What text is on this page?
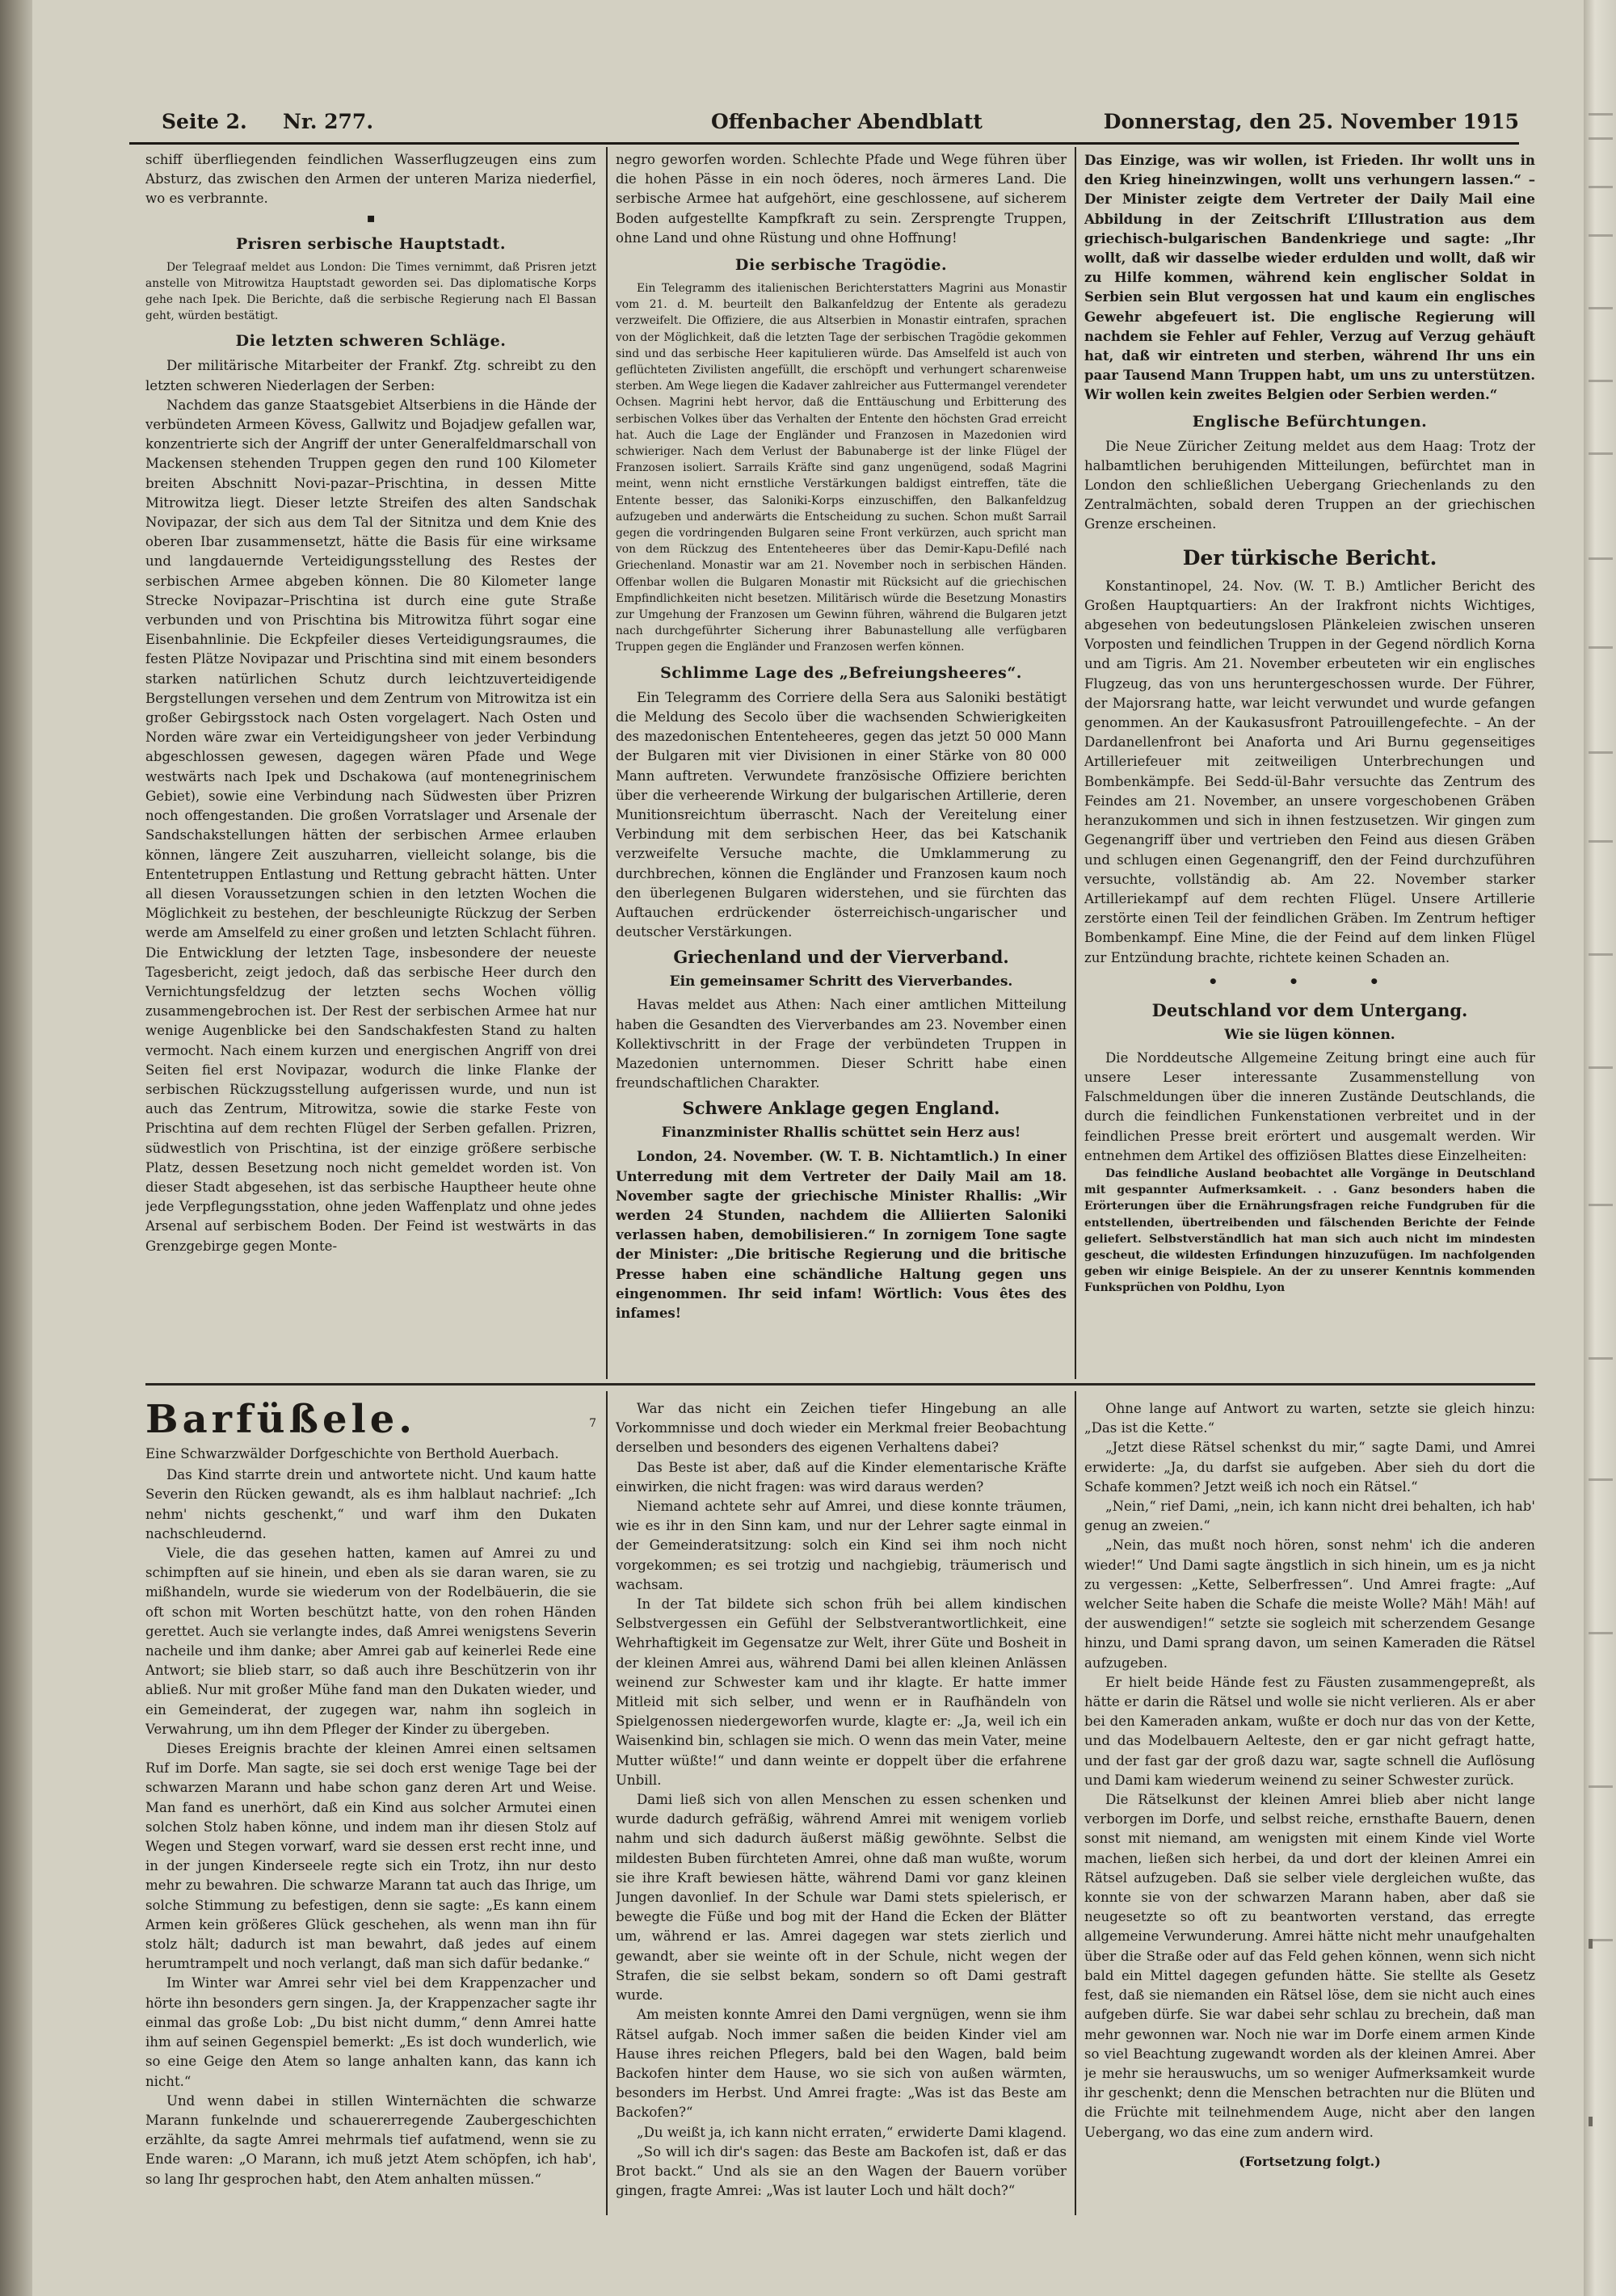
Seite 2. Nr. 277.	Offenbacher Abendblatt	Donnerstag, den 25. November 1915

schiff überfliegenden feindlichen Wasserflugzeugen eins zum Absturz, das zwischen den Armen der unteren Mariza niederfiel, wo es verbrannte.

▪
Prisren serbische Hauptstadt.

Der Telegraaf meldet aus London: Die Times vernimmt, daß Prisren jetzt anstelle von Mitrowitza Hauptstadt geworden sei. Das diplomatische Korps gehe nach Ipek. Die Berichte, daß die serbische Regierung nach El Bassan geht, würden bestätigt.

Die letzten schweren Schläge.

Der militärische Mitarbeiter der Frankf. Ztg. schreibt zu den letzten schweren Niederlagen der Serben:

Nachdem das ganze Staatsgebiet Altserbiens in die Hände der verbündeten Armeen Kövess, Gallwitz und Bojadjew gefallen war, konzentrierte sich der Angriff der unter Generalfeldmarschall von Mackensen stehenden Truppen gegen den rund 100 Kilometer breiten Abschnitt Novi-pazar–Prischtina, in dessen Mitte Mitrowitza liegt. Dieser letzte Streifen des alten Sandschak Novipazar, der sich aus dem Tal der Sitnitza und dem Knie des oberen Ibar zusammensetzt, hätte die Basis für eine wirksame und langdauernde Verteidigungsstellung des Restes der serbischen Armee abgeben können. Die 80 Kilometer lange Strecke Novipazar–Prischtina ist durch eine gute Straße verbunden und von Prischtina bis Mitrowitza führt sogar eine Eisenbahnlinie. Die Eckpfeiler dieses Verteidigungsraumes, die festen Plätze Novipazar und Prischtina sind mit einem besonders starken natürlichen Schutz durch leichtzuverteidigende Bergstellungen versehen und dem Zentrum von Mitrowitza ist ein großer Gebirgsstock nach Osten vorgelagert. Nach Osten und Norden wäre zwar ein Verteidigungsheer von jeder Verbindung abgeschlossen gewesen, dagegen wären Pfade und Wege westwärts nach Ipek und Dschakowa (auf montenegrinischem Gebiet), sowie eine Verbindung nach Südwesten über Prizren noch offengestanden. Die großen Vorratslager und Arsenale der Sandschakstellungen hätten der serbischen Armee erlauben können, längere Zeit auszuharren, vielleicht solange, bis die Ententetruppen Entlastung und Rettung gebracht hätten. Unter all diesen Voraussetzungen schien in den letzten Wochen die Möglichkeit zu bestehen, der beschleunigte Rückzug der Serben werde am Amselfeld zu einer großen und letzten Schlacht führen. Die Entwicklung der letzten Tage, insbesondere der neueste Tagesbericht, zeigt jedoch, daß das serbische Heer durch den Vernichtungsfeldzug der letzten sechs Wochen völlig zusammengebrochen ist. Der Rest der serbischen Armee hat nur wenige Augenblicke bei den Sandschakfesten Stand zu halten vermocht. Nach einem kurzen und energischen Angriff von drei Seiten fiel erst Novipazar, wodurch die linke Flanke der serbischen Rückzugsstellung aufgerissen wurde, und nun ist auch das Zentrum, Mitrowitza, sowie die starke Feste von Prischtina auf dem rechten Flügel der Serben gefallen. Prizren, südwestlich von Prischtina, ist der einzige größere serbische Platz, dessen Besetzung noch nicht gemeldet worden ist. Von dieser Stadt abgesehen, ist das serbische Hauptheer heute ohne jede Verpflegungsstation, ohne jeden Waffenplatz und ohne jedes Arsenal auf serbischem Boden. Der Feind ist westwärts in das Grenzgebirge gegen Monte-

negro geworfen worden. Schlechte Pfade und Wege führen über die hohen Pässe in ein noch öderes, noch ärmeres Land. Die serbische Armee hat aufgehört, eine geschlossene, auf sicherem Boden aufgestellte Kampfkraft zu sein. Zersprengte Truppen, ohne Land und ohne Rüstung und ohne Hoffnung!

Die serbische Tragödie.

Ein Telegramm des italienischen Berichterstatters Magrini aus Monastir vom 21. d. M. beurteilt den Balkanfeldzug der Entente als geradezu verzweifelt. Die Offiziere, die aus Altserbien in Monastir eintrafen, sprachen von der Möglichkeit, daß die letzten Tage der serbischen Tragödie gekommen sind und das serbische Heer kapitulieren würde. Das Amselfeld ist auch von geflüchteten Zivilisten angefüllt, die erschöpft und verhungert scharenweise sterben. Am Wege liegen die Kadaver zahlreicher aus Futtermangel verendeter Ochsen. Magrini hebt hervor, daß die Enttäuschung und Erbitterung des serbischen Volkes über das Verhalten der Entente den höchsten Grad erreicht hat. Auch die Lage der Engländer und Franzosen in Mazedonien wird schwieriger. Nach dem Verlust der Babunaberge ist der linke Flügel der Franzosen isoliert. Sarrails Kräfte sind ganz ungenügend, sodaß Magrini meint, wenn nicht ernstliche Verstärkungen baldigst eintreffen, täte die Entente besser, das Saloniki-Korps einzuschiffen, den Balkanfeldzug aufzugeben und anderwärts die Entscheidung zu suchen. Schon mußt Sarrail gegen die vordringenden Bulgaren seine Front verkürzen, auch spricht man von dem Rückzug des Ententeheeres über das Demir-Kapu-Defilé nach Griechenland. Monastir war am 21. November noch in serbischen Händen. Offenbar wollen die Bulgaren Monastir mit Rücksicht auf die griechischen Empfindlichkeiten nicht besetzen. Militärisch würde die Besetzung Monastirs zur Umgehung der Franzosen um Gewinn führen, während die Bulgaren jetzt nach durchgeführter Sicherung ihrer Babunastellung alle verfügbaren Truppen gegen die Engländer und Franzosen werfen können.

Schlimme Lage des „Befreiungsheeres“.

Ein Telegramm des Corriere della Sera aus Saloniki bestätigt die Meldung des Secolo über die wachsenden Schwierigkeiten des mazedonischen Ententeheeres, gegen das jetzt 50 000 Mann der Bulgaren mit vier Divisionen in einer Stärke von 80 000 Mann auftreten. Verwundete französische Offiziere berichten über die verheerende Wirkung der bulgarischen Artillerie, deren Munitionsreichtum überrascht. Nach der Vereitelung einer Verbindung mit dem serbischen Heer, das bei Katschanik verzweifelte Versuche machte, die Umklammerung zu durchbrechen, können die Engländer und Franzosen kaum noch den überlegenen Bulgaren widerstehen, und sie fürchten das Auftauchen erdrückender österreichisch-ungarischer und deutscher Verstärkungen.

Griechenland und der Vierverband.
Ein gemeinsamer Schritt des Vierverbandes.

Havas meldet aus Athen: Nach einer amtlichen Mitteilung haben die Gesandten des Vierverbandes am 23. November einen Kollektivschritt in der Frage der verbündeten Truppen in Mazedonien unternommen. Dieser Schritt habe einen freundschaftlichen Charakter.

Schwere Anklage gegen England.
Finanzminister Rhallis schüttet sein Herz aus!

London, 24. November. (W. T. B. Nichtamtlich.) In einer Unterredung mit dem Vertreter der Daily Mail am 18. November sagte der griechische Minister Rhallis: „Wir werden 24 Stunden, nachdem die Alliierten Saloniki verlassen haben, demobilisieren.“ In zornigem Tone sagte der Minister: „Die britische Regierung und die britische Presse haben eine schändliche Haltung gegen uns eingenommen. Ihr seid infam! Wörtlich: Vous êtes des infames!

Das Einzige, was wir wollen, ist Frieden. Ihr wollt uns in den Krieg hineinzwingen, wollt uns verhungern lassen.“ – Der Minister zeigte dem Vertreter der Daily Mail eine Abbildung in der Zeitschrift L’Illustration aus dem griechisch-bulgarischen Bandenkriege und sagte: „Ihr wollt, daß wir dasselbe wieder erdulden und wollt, daß wir zu Hilfe kommen, während kein englischer Soldat in Serbien sein Blut vergossen hat und kaum ein englisches Gewehr abgefeuert ist. Die englische Regierung will nachdem sie Fehler auf Fehler, Verzug auf Verzug gehäuft hat, daß wir eintreten und sterben, während Ihr uns ein paar Tausend Mann Truppen habt, um uns zu unterstützen. Wir wollen kein zweites Belgien oder Serbien werden.“

Englische Befürchtungen.

Die Neue Züricher Zeitung meldet aus dem Haag: Trotz der halbamtlichen beruhigenden Mitteilungen, befürchtet man in London den schließlichen Uebergang Griechenlands zu den Zentralmächten, sobald deren Truppen an der griechischen Grenze erscheinen.

Der türkische Bericht.

Konstantinopel, 24. Nov. (W. T. B.) Amtlicher Bericht des Großen Hauptquartiers: An der Irakfront nichts Wichtiges, abgesehen von bedeutungslosen Plänkeleien zwischen unseren Vorposten und feindlichen Truppen in der Gegend nördlich Korna und am Tigris. Am 21. November erbeuteten wir ein englisches Flugzeug, das von uns heruntergeschossen wurde. Der Führer, der Majorsrang hatte, war leicht verwundet und wurde gefangen genommen. An der Kaukasusfront Patrouillengefechte. – An der Dardanellenfront bei Anaforta und Ari Burnu gegenseitiges Artilleriefeuer mit zeitweiligen Unterbrechungen und Bombenkämpfe. Bei Sedd-ül-Bahr versuchte das Zentrum des Feindes am 21. November, an unsere vorgeschobenen Gräben heranzukommen und sich in ihnen festzusetzen. Wir gingen zum Gegenangriff über und vertrieben den Feind aus diesen Gräben und schlugen einen Gegenangriff, den der Feind durchzuführen versuchte, vollständig ab. Am 22. November starker Artilleriekampf auf dem rechten Flügel. Unsere Artillerie zerstörte einen Teil der feindlichen Gräben. Im Zentrum heftiger Bombenkampf. Eine Mine, die der Feind auf dem linken Flügel zur Entzündung brachte, richtete keinen Schaden an.

• • •
Deutschland vor dem Untergang.
Wie sie lügen können.

Die Norddeutsche Allgemeine Zeitung bringt eine auch für unsere Leser interessante Zusammenstellung von Falschmeldungen über die inneren Zustände Deutschlands, die durch die feindlichen Funkenstationen verbreitet und in der feindlichen Presse breit erörtert und ausgemalt werden. Wir entnehmen dem Artikel des offiziösen Blattes diese Einzelheiten:

Das feindliche Ausland beobachtet alle Vorgänge in Deutschland mit gespannter Aufmerksamkeit. . . Ganz besonders haben die Erörterungen über die Ernährungsfragen reiche Fundgruben für die entstellenden, übertreibenden und fälschenden Berichte der Feinde geliefert. Selbstverständlich hat man sich auch nicht im mindesten gescheut, die wildesten Erfindungen hinzuzufügen. Im nachfolgenden geben wir einige Beispiele. An der zu unserer Kenntnis kommenden Funksprüchen von Poldhu, Lyon

7
Barfüßele.

Eine Schwarzwälder Dorfgeschichte von Berthold Auerbach.

Das Kind starrte drein und antwortete nicht. Und kaum hatte Severin den Rücken gewandt, als es ihm halblaut nachrief: „Ich nehm' nichts geschenkt,“ und warf ihm den Dukaten nachschleudernd.

Viele, die das gesehen hatten, kamen auf Amrei zu und schimpften auf sie hinein, und eben als sie daran waren, sie zu mißhandeln, wurde sie wiederum von der Rodelbäuerin, die sie oft schon mit Worten beschützt hatte, von den rohen Händen gerettet. Auch sie verlangte indes, daß Amrei wenigstens Severin nacheile und ihm danke; aber Amrei gab auf keinerlei Rede eine Antwort; sie blieb starr, so daß auch ihre Beschützerin von ihr abließ. Nur mit großer Mühe fand man den Dukaten wieder, und ein Gemeinderat, der zugegen war, nahm ihn sogleich in Verwahrung, um ihn dem Pfleger der Kinder zu übergeben.

Dieses Ereignis brachte der kleinen Amrei einen seltsamen Ruf im Dorfe. Man sagte, sie sei doch erst wenige Tage bei der schwarzen Marann und habe schon ganz deren Art und Weise. Man fand es unerhört, daß ein Kind aus solcher Armutei einen solchen Stolz haben könne, und indem man ihr diesen Stolz auf Wegen und Stegen vorwarf, ward sie dessen erst recht inne, und in der jungen Kinderseele regte sich ein Trotz, ihn nur desto mehr zu bewahren. Die schwarze Marann tat auch das Ihrige, um solche Stimmung zu befestigen, denn sie sagte: „Es kann einem Armen kein größeres Glück geschehen, als wenn man ihn für stolz hält; dadurch ist man bewahrt, daß jedes auf einem herumtrampelt und noch verlangt, daß man sich dafür bedanke.“

Im Winter war Amrei sehr viel bei dem Krappenzacher und hörte ihn besonders gern singen. Ja, der Krappenzacher sagte ihr einmal das große Lob: „Du bist nicht dumm,“ denn Amrei hatte ihm auf seinen Gegenspiel bemerkt: „Es ist doch wunderlich, wie so eine Geige den Atem so lange anhalten kann, das kann ich nicht.“

Und wenn dabei in stillen Winternächten die schwarze Marann funkelnde und schauererregende Zaubergeschichten erzählte, da sagte Amrei mehrmals tief aufatmend, wenn sie zu Ende waren: „O Marann, ich muß jetzt Atem schöpfen, ich hab', so lang Ihr gesprochen habt, den Atem anhalten müssen.“

War das nicht ein Zeichen tiefer Hingebung an alle Vorkommnisse und doch wieder ein Merkmal freier Beobachtung derselben und besonders des eigenen Verhaltens dabei?

Das Beste ist aber, daß auf die Kinder elementarische Kräfte einwirken, die nicht fragen: was wird daraus werden?

Niemand achtete sehr auf Amrei, und diese konnte träumen, wie es ihr in den Sinn kam, und nur der Lehrer sagte einmal in der Gemeinderatsitzung: solch ein Kind sei ihm noch nicht vorgekommen; es sei trotzig und nachgiebig, träumerisch und wachsam.

In der Tat bildete sich schon früh bei allem kindischen Selbstvergessen ein Gefühl der Selbstverantwortlichkeit, eine Wehrhaftigkeit im Gegensatze zur Welt, ihrer Güte und Bosheit in der kleinen Amrei aus, während Dami bei allen kleinen Anlässen weinend zur Schwester kam und ihr klagte. Er hatte immer Mitleid mit sich selber, und wenn er in Raufhändeln von Spielgenossen niedergeworfen wurde, klagte er: „Ja, weil ich ein Waisenkind bin, schlagen sie mich. O wenn das mein Vater, meine Mutter wüßte!“ und dann weinte er doppelt über die erfahrene Unbill.

Dami ließ sich von allen Menschen zu essen schenken und wurde dadurch gefräßig, während Amrei mit wenigem vorlieb nahm und sich dadurch äußerst mäßig gewöhnte. Selbst die mildesten Buben fürchteten Amrei, ohne daß man wußte, worum sie ihre Kraft bewiesen hätte, während Dami vor ganz kleinen Jungen davonlief. In der Schule war Dami stets spielerisch, er bewegte die Füße und bog mit der Hand die Ecken der Blätter um, während er las. Amrei dagegen war stets zierlich und gewandt, aber sie weinte oft in der Schule, nicht wegen der Strafen, die sie selbst bekam, sondern so oft Dami gestraft wurde.

Am meisten konnte Amrei den Dami vergnügen, wenn sie ihm Rätsel aufgab. Noch immer saßen die beiden Kinder viel am Hause ihres reichen Pflegers, bald bei den Wagen, bald beim Backofen hinter dem Hause, wo sie sich von außen wärmten, besonders im Herbst. Und Amrei fragte: „Was ist das Beste am Backofen?“

„Du weißt ja, ich kann nicht erraten,“ erwiderte Dami klagend.

„So will ich dir's sagen: das Beste am Backofen ist, daß er das Brot backt.“ Und als sie an den Wagen der Bauern vorüber gingen, fragte Amrei: „Was ist lauter Loch und hält doch?“

Ohne lange auf Antwort zu warten, setzte sie gleich hinzu: „Das ist die Kette.“

„Jetzt diese Rätsel schenkst du mir,“ sagte Dami, und Amrei erwiderte: „Ja, du darfst sie aufgeben. Aber sieh du dort die Schafe kommen? Jetzt weiß ich noch ein Rätsel.“

„Nein,“ rief Dami, „nein, ich kann nicht drei behalten, ich hab' genug an zweien.“

„Nein, das mußt noch hören, sonst nehm' ich die anderen wieder!“ Und Dami sagte ängstlich in sich hinein, um es ja nicht zu vergessen: „Kette, Selberfressen“. Und Amrei fragte: „Auf welcher Seite haben die Schafe die meiste Wolle? Mäh! Mäh! auf der auswendigen!“ setzte sie sogleich mit scherzendem Gesange hinzu, und Dami sprang davon, um seinen Kameraden die Rätsel aufzugeben.

Er hielt beide Hände fest zu Fäusten zusammengepreßt, als hätte er darin die Rätsel und wolle sie nicht verlieren. Als er aber bei den Kameraden ankam, wußte er doch nur das von der Kette, und das Modelbauern Aelteste, den er gar nicht gefragt hatte, und der fast gar der groß dazu war, sagte schnell die Auflösung und Dami kam wiederum weinend zu seiner Schwester zurück.

Die Rätselkunst der kleinen Amrei blieb aber nicht lange verborgen im Dorfe, und selbst reiche, ernsthafte Bauern, denen sonst mit niemand, am wenigsten mit einem Kinde viel Worte machen, ließen sich herbei, da und dort der kleinen Amrei ein Rätsel aufzugeben. Daß sie selber viele dergleichen wußte, das konnte sie von der schwarzen Marann haben, aber daß sie neugesetzte so oft zu beantworten verstand, das erregte allgemeine Verwunderung. Amrei hätte nicht mehr unaufgehalten über die Straße oder auf das Feld gehen können, wenn sich nicht bald ein Mittel dagegen gefunden hätte. Sie stellte als Gesetz fest, daß sie niemanden ein Rätsel löse, dem sie nicht auch eines aufgeben dürfe. Sie war dabei sehr schlau zu brechein, daß man mehr gewonnen war. Noch nie war im Dorfe einem armen Kinde so viel Beachtung zugewandt worden als der kleinen Amrei. Aber je mehr sie herauswuchs, um so weniger Aufmerksamkeit wurde ihr geschenkt; denn die Menschen betrachten nur die Blüten und die Früchte mit teilnehmendem Auge, nicht aber den langen Uebergang, wo das eine zum andern wird.

(Fortsetzung folgt.)
